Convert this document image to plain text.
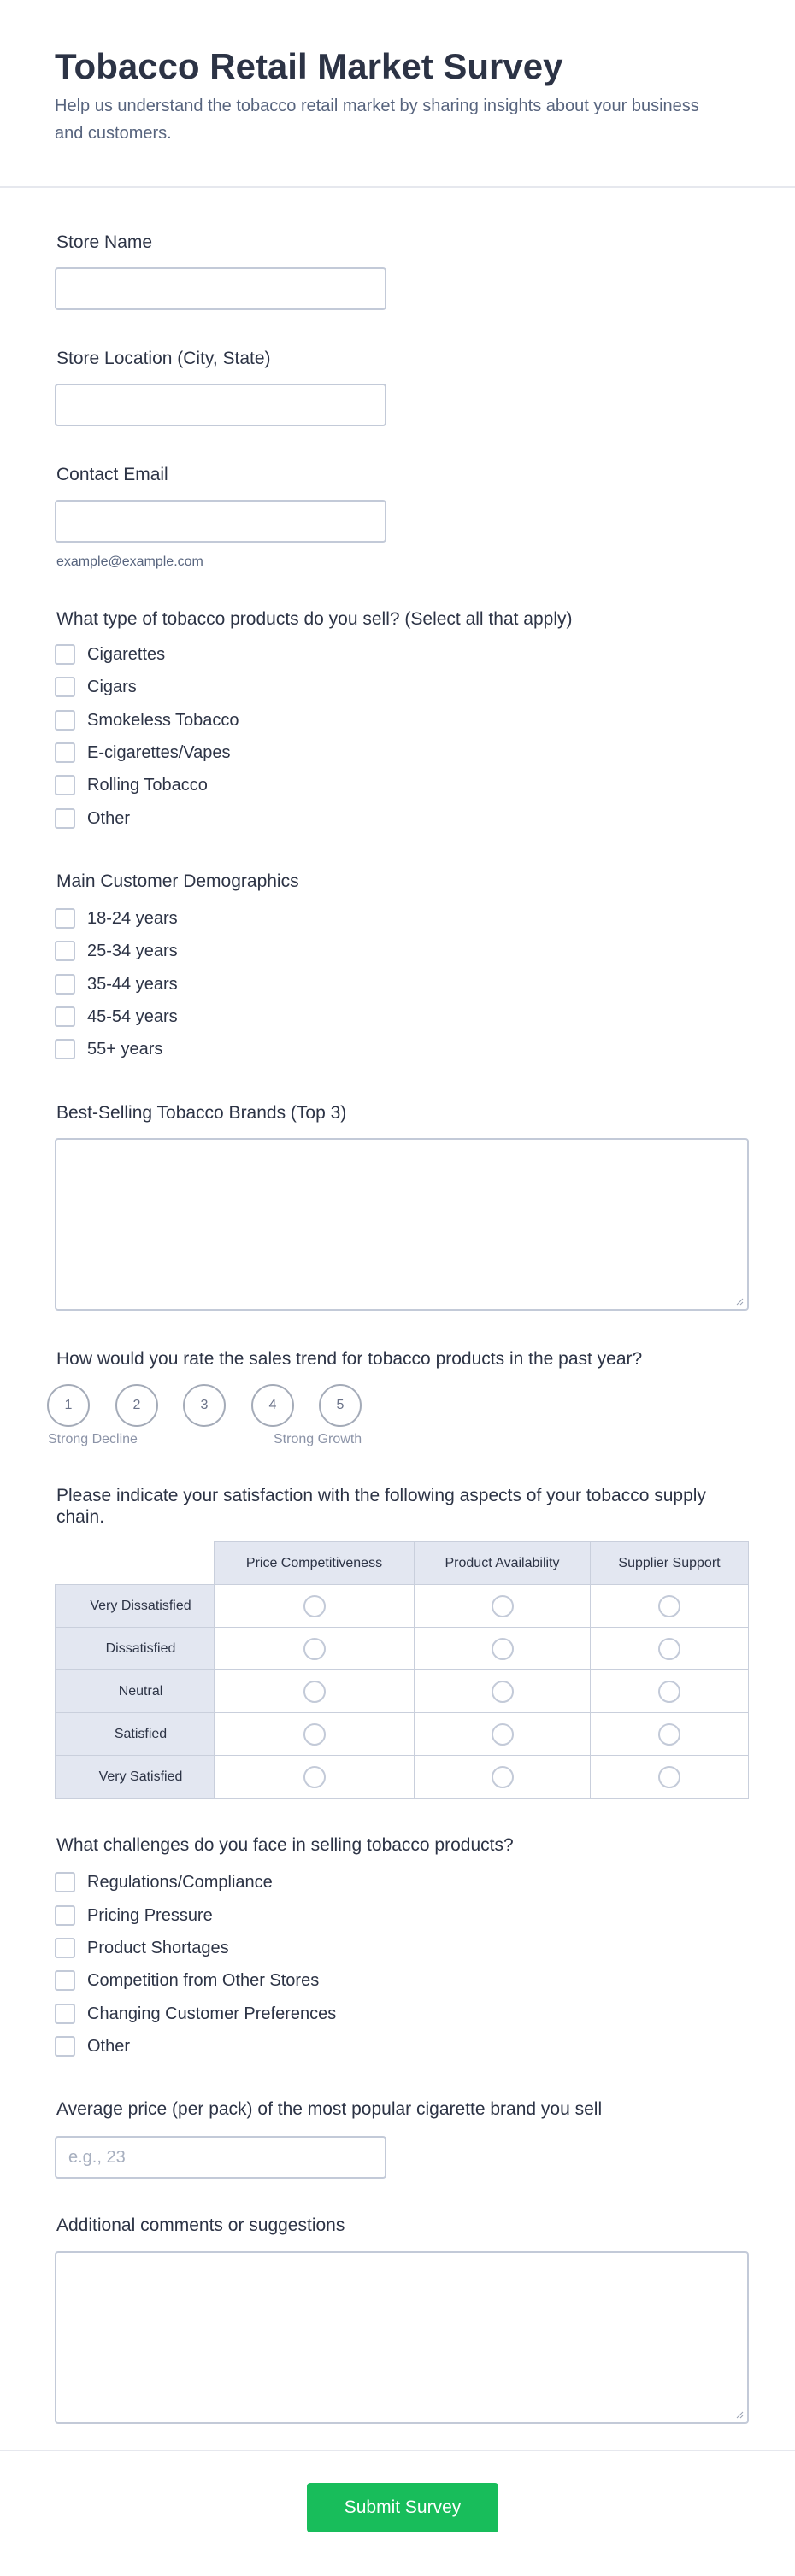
Tobacco Retail Market Survey
Help us understand the tobacco retail market by sharing insights about your business and customers.
Store Name
Store Location (City, State)
Contact Email
example@example.com
What type of tobacco products do you sell? (Select all that apply)
Cigarettes
Cigars
Smokeless Tobacco
E-cigarettes/Vapes
Rolling Tobacco
Other
Main Customer Demographics
18-24 years
25-34 years
35-44 years
45-54 years
55+ years
Best-Selling Tobacco Brands (Top 3)
How would you rate the sales trend for tobacco products in the past year?
1	2	3	4	5
Strong Decline	Strong Growth
Please indicate your satisfaction with the following aspects of your tobacco supply chain.
	Price Competitiveness	Product Availability	Supplier Support
Very Dissatisfied			
Dissatisfied			
Neutral			
Satisfied			
Very Satisfied			
What challenges do you face in selling tobacco products?
Regulations/Compliance
Pricing Pressure
Product Shortages
Competition from Other Stores
Changing Customer Preferences
Other
Average price (per pack) of the most popular cigarette brand you sell
e.g., 23
Additional comments or suggestions
Submit Survey
